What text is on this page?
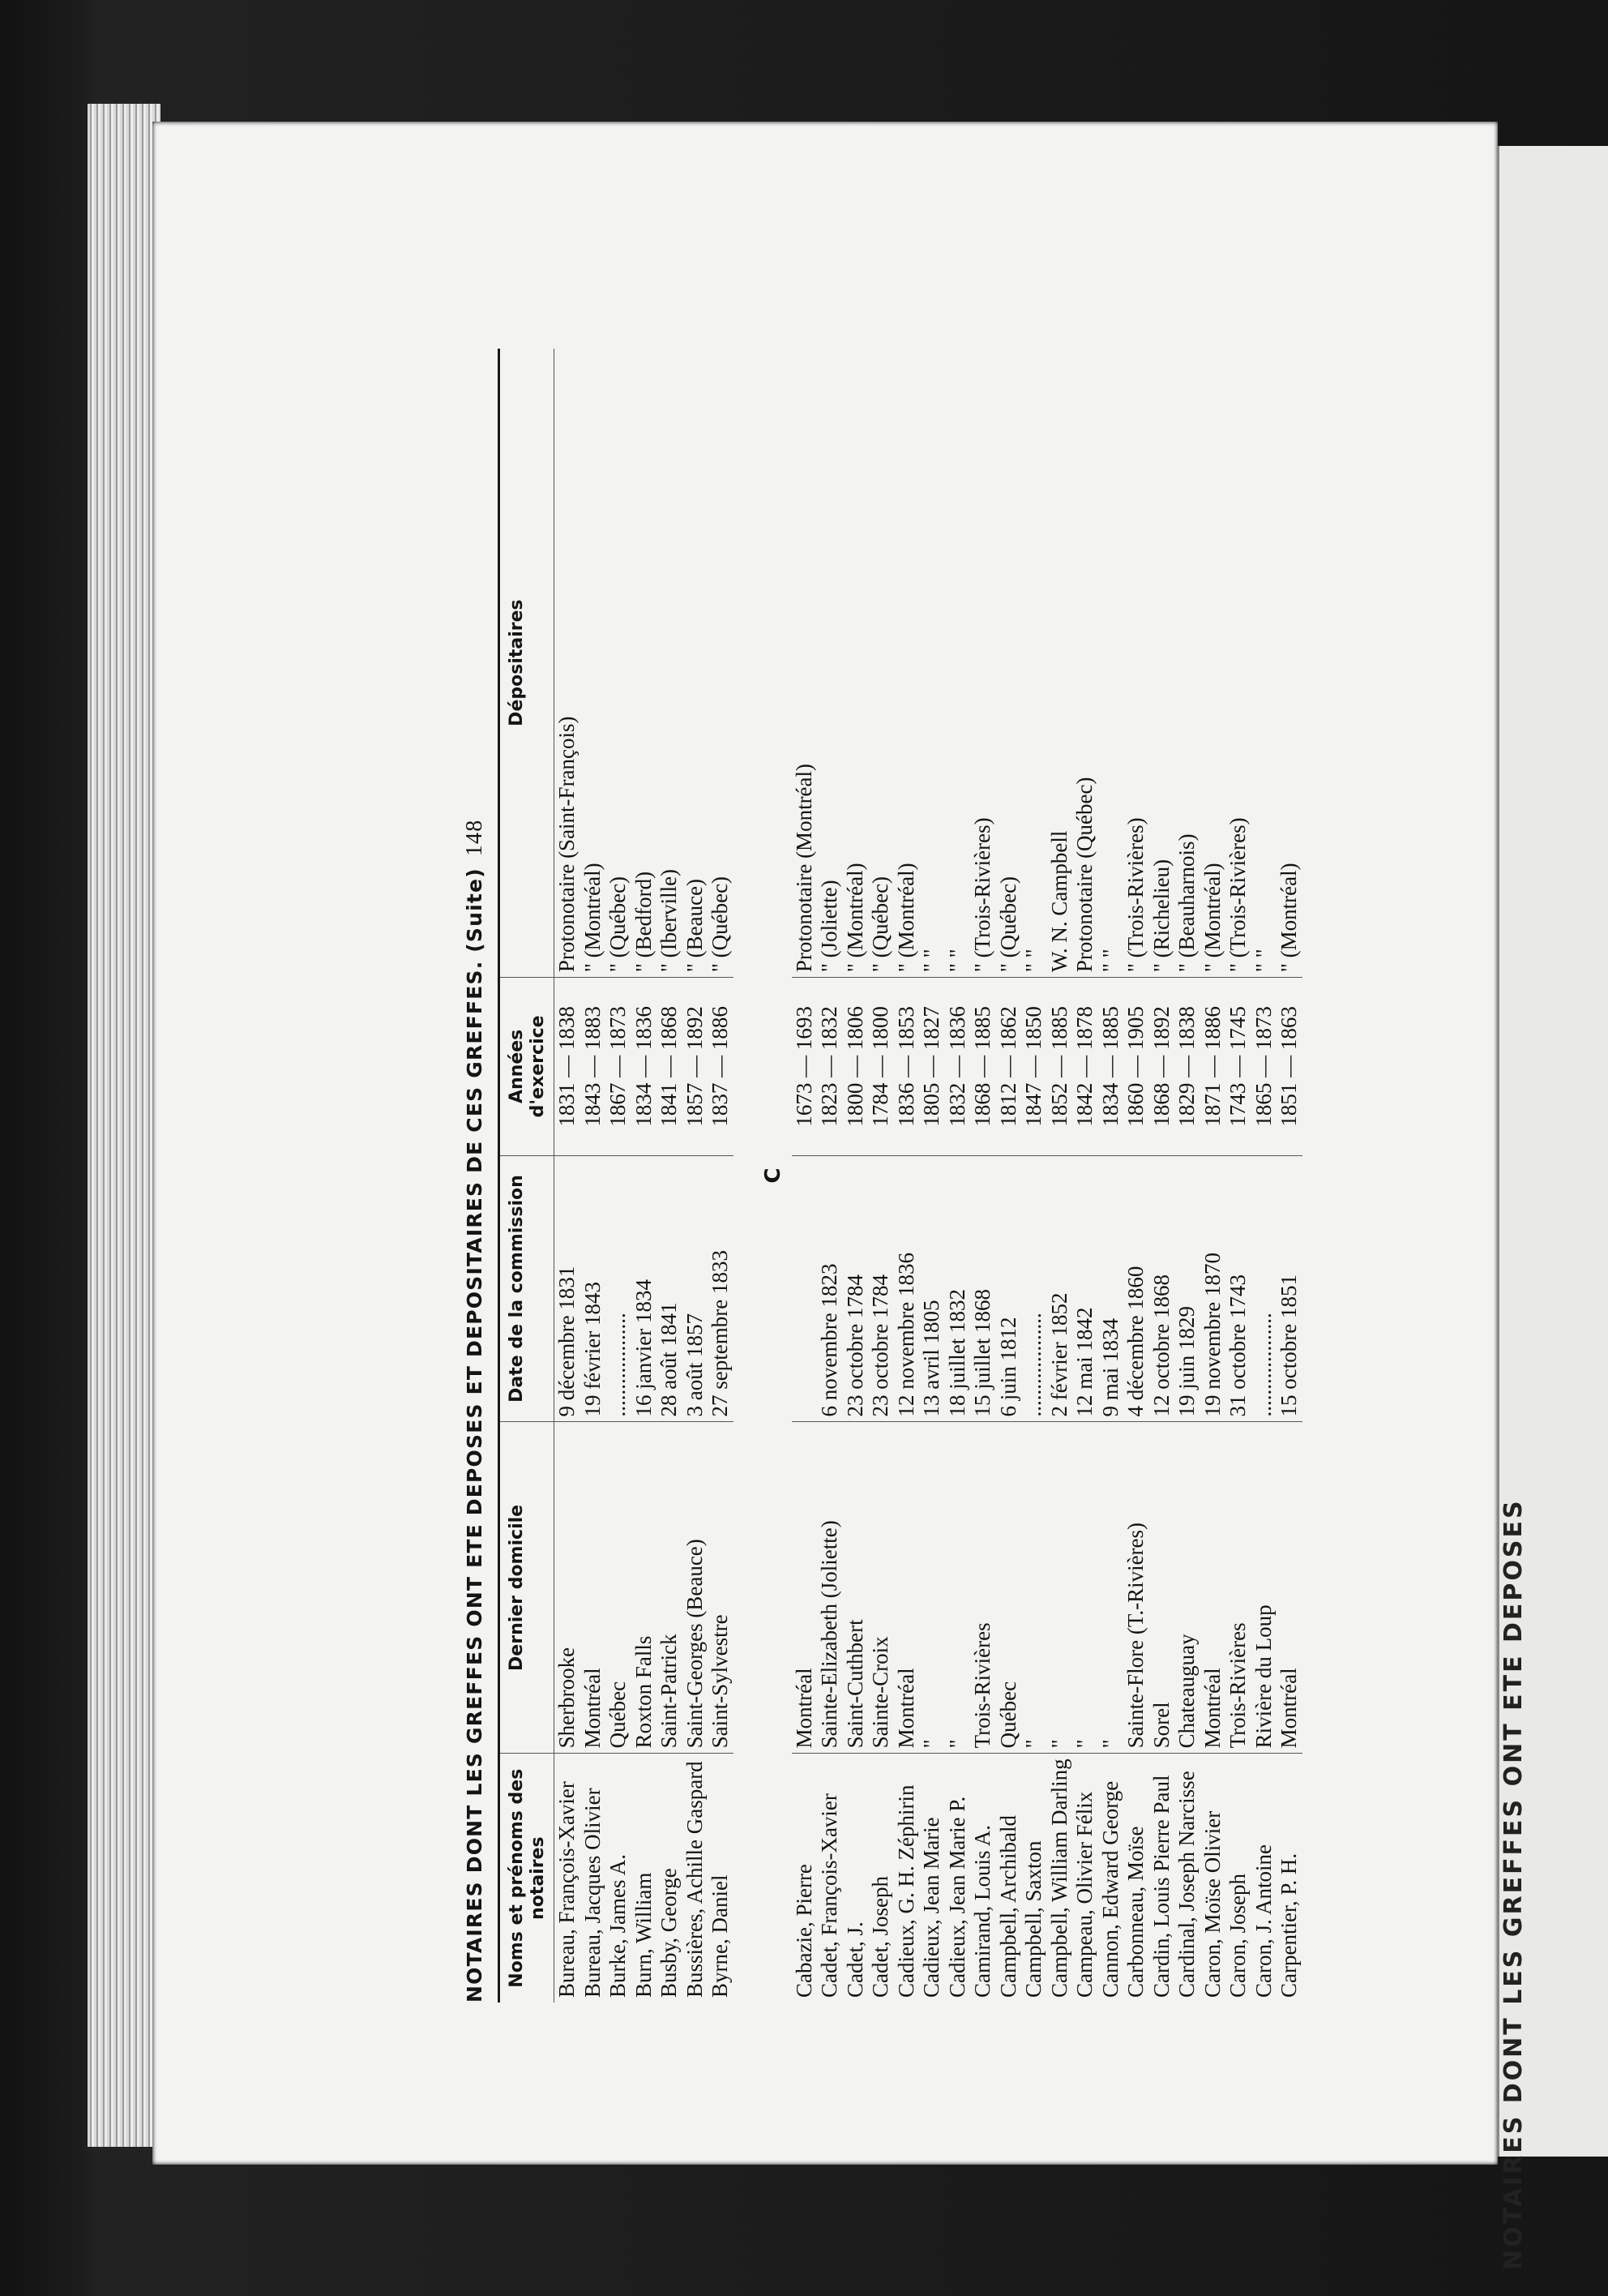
NOTAIRES DONT LES GREFFES ONT ETE DEPOSES
NOTAIRES DONT LES GREFFES ONT ETE DEPOSES ET DEPOSITAIRES DE CES GREFFES. (Suite)148
Noms et prénoms des notaires	Dernier domicile	Date de la commission	Années d'exercice	Dépositaires
Bureau, François-Xavier	Sherbrooke	9 décembre 1831	1831 — 1838	Protonotaire (Saint-François)
Bureau, Jacques Olivier	Montréal	19 février 1843	1843 — 1883	" (Montréal)
Burke, James A.	Québec	...................	1867 — 1873	" (Québec)
Burn, William	Roxton Falls	16 janvier 1834	1834 — 1836	" (Bedford)
Busby, George	Saint-Patrick	28 août 1841	1841 — 1868	" (Iberville)
Bussières, Achille Gaspard	Saint-Georges (Beauce)	3 août 1857	1857 — 1892	" (Beauce)
Byrne, Daniel	Saint-Sylvestre	27 septembre 1833	1837 — 1886	" (Québec)

C				
Cabazie, Pierre	Montréal		1673 — 1693	Protonotaire (Montréal)
Cadet, François-Xavier	Sainte-Elizabeth (Joliette)	6 novembre 1823	1823 — 1832	" (Joliette)
Cadet, J.	Saint-Cuthbert	23 octobre 1784	1800 — 1806	" (Montréal)
Cadet, Joseph	Sainte-Croix	23 octobre 1784	1784 — 1800	" (Québec)
Cadieux, G. H. Zéphirin	Montréal	12 novembre 1836	1836 — 1853	" (Montréal)
Cadieux, Jean Marie	"	13 avril 1805	1805 — 1827	" "
Cadieux, Jean Marie P.	"	18 juillet 1832	1832 — 1836	" "
Camirand, Louis A.	Trois-Rivières	15 juillet 1868	1868 — 1885	" (Trois-Rivières)
Campbell, Archibald	Québec	6 juin 1812	1812 — 1862	" (Québec)
Campbell, Saxton	"	...................	1847 — 1850	" "
Campbell, William Darling	"	2 février 1852	1852 — 1885	W. N. Campbell
Campeau, Olivier Félix	"	12 mai 1842	1842 — 1878	Protonotaire (Québec)
Cannon, Edward George	"	9 mai 1834	1834 — 1885	" "
Carbonneau, Moïse	Sainte-Flore (T.-Rivières)	4 décembre 1860	1860 — 1905	" (Trois-Rivières)
Cardin, Louis Pierre Paul	Sorel	12 octobre 1868	1868 — 1892	" (Richelieu)
Cardinal, Joseph Narcisse	Chateauguay	19 juin 1829	1829 — 1838	" (Beauharnois)
Caron, Moïse Olivier	Montréal	19 novembre 1870	1871 — 1886	" (Montréal)
Caron, Joseph	Trois-Rivières	31 octobre 1743	1743 — 1745	" (Trois-Rivières)
Caron, J. Antoine	Rivière du Loup	...................	1865 — 1873	" "
Carpentier, P. H.	Montréal	15 octobre 1851	1851 — 1863	" (Montréal)
